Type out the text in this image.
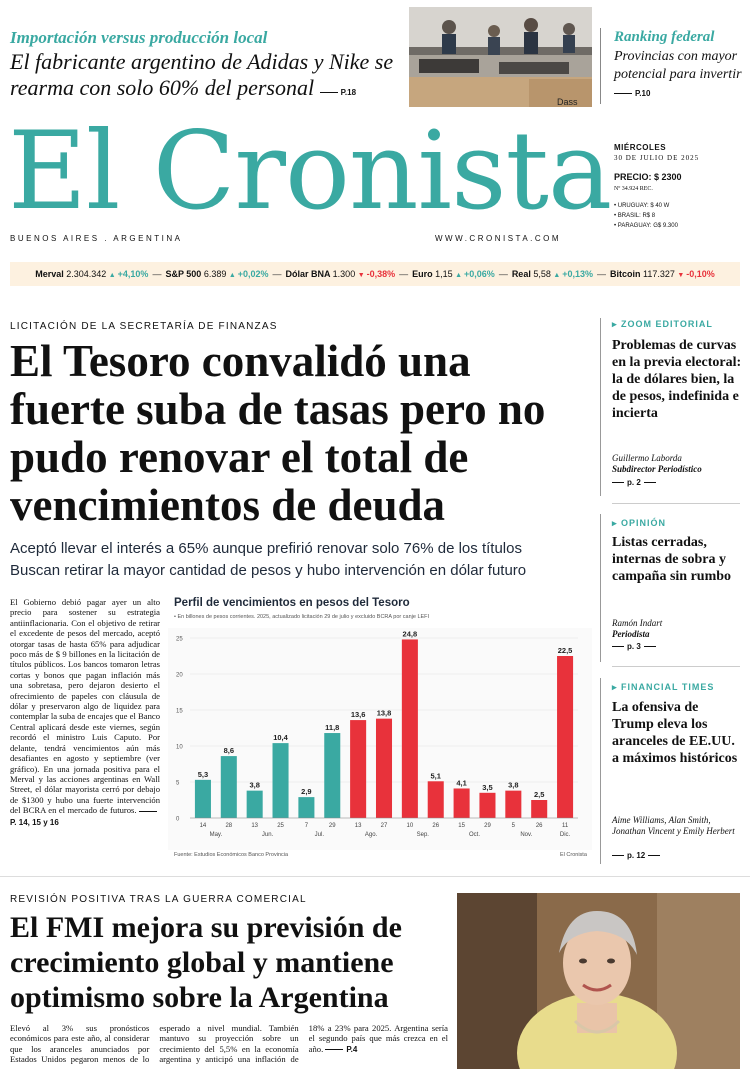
Importación versus producción local
El fabricante argentino de Adidas y Nike se rearma con solo 60% del personal	P.18
Dass
Ranking federal
Provincias con mayor potencial para invertir P.10
El Cronista
BUENOS AIRES . ARGENTINA	WWW.CRONISTA.COM
MIÉRCOLES
30 DE JULIO DE 2025
PRECIO: $ 2300
Nº 34.924 REC.
• URUGUAY: $ 40 W
• BRASIL: R$ 8
• PARAGUAY: G$ 9.300
Merval 2.304.342 ▲ +4,10% — S&P 500 6.389 ▲ +0,02% — Dólar BNA 1.300 ▼ -0,38% — Euro 1,15 ▲ +0,06% — Real 5,58 ▲ +0,13% — Bitcoin 117.327 ▼ -0,10%
LICITACIÓN DE LA SECRETARÍA DE FINANZAS
El Tesoro convalidó una fuerte suba de tasas pero no pudo renovar el total de vencimientos de deuda
Aceptó llevar el interés a 65% aunque prefirió renovar solo 76% de los títulos
Buscan retirar la mayor cantidad de pesos y hubo intervención en dólar futuro
El Gobierno debió pagar ayer un alto precio para sostener su estrategia antiinflacionaria. Con el objetivo de retirar el excedente de pesos del mercado, aceptó otorgar tasas de hasta 65% para adjudicar poco más de $ 9 billones en la licitación de títulos públicos. Los bancos tomaron letras cortas y bonos que pagan inflación más una sobretasa, pero dejaron desierto el ofrecimiento de papeles con cláusula de dólar y preservaron algo de liquidez para contemplar la suba de encajes que el Banco Central aplicará desde este viernes, según recordó el ministro Luis Caputo. Por delante, tendrá vencimientos aún más desafiantes en agosto y septiembre (ver gráfico). En una jornada positiva para el Merval y las acciones argentinas en Wall Street, el dólar mayorista cerró por debajo de $1300 y hubo una fuerte intervención del BCRA en el mercado de futuros. P. 14, 15 y 16
Perfil de vencimientos en pesos del Tesoro
• En billones de pesos corrientes. 2025, actualizado licitación 29 de julio y excluido BCRA por canje LEFI
0
5
10
15
20
25
5,3
14
8,6
28
3,8
13
10,4
25
2,9
7
11,8
29
13,6
13
13,8
27
24,8
10
5,1
26
4,1
15
3,5
29
3,8
5
2,5
26
22,5
11
May.	Jun.	Jul.	Ago.	Sep.	Oct.	Nov.	Dic.
Fuente: Estudios Económicos Banco Provincia	El Cronista
▸ ZOOM EDITORIAL
Problemas de curvas en la previa electoral: la de dólares bien, la de pesos, indefinida e incierta
Guillermo Laborda
Subdirector Periodístico
p. 2
▸ OPINIÓN
Listas cerradas, internas de sobra y campaña sin rumbo
Ramón Indart
Periodista
p. 3
▸ FINANCIAL TIMES
La ofensiva de Trump eleva los aranceles de EE.UU. a máximos históricos
Aime Williams, Alan Smith, Jonathan Vincent y Emily Herbert
p. 12
REVISIÓN POSITIVA TRAS LA GUERRA COMERCIAL
El FMI mejora su previsión de crecimiento global y mantiene optimismo sobre la Argentina
Elevó al 3% sus pronósticos económicos para este año, al considerar que los aranceles anunciados por Estados Unidos pegaron menos de lo esperado a nivel mundial. También mantuvo su proyección sobre un crecimiento del 5,5% en la economía argentina y anticipó una inflación de 18% a 23% para 2025. Argentina sería el segundo país que más crezca en el año.	P.4
